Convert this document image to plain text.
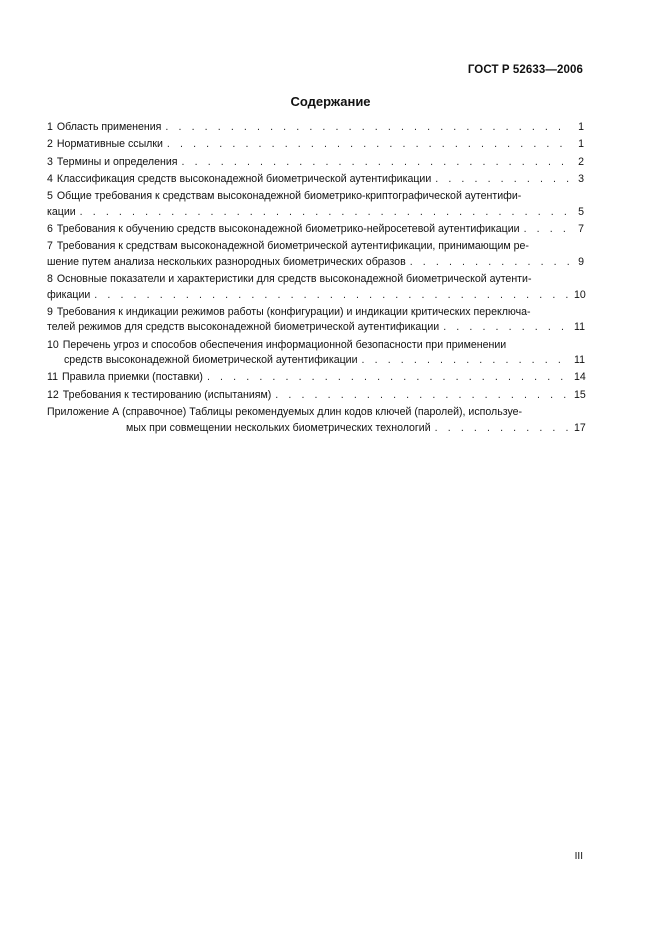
ГОСТ Р 52633—2006
Содержание
1 Область применения . . .	1
2 Нормативные ссылки . . .	1
3 Термины и определения . . .	2
4 Классификация средств высоконадежной биометрической аутентификации . . .	3
5 Общие требования к средствам высоконадежной биометрико-криптографической аутентифи-
кации . . .	5
6 Требования к обучению средств высоконадежной биометрико-нейросетевой аутентификации . . .	7
7 Требования к средствам высоконадежной биометрической аутентификации, принимающим ре-
шение путем анализа нескольких разнородных биометрических образов . . .	9
8 Основные показатели и характеристики для средств высоконадежной биометрической аутенти-
фикации . . .	10
9 Требования к индикации режимов работы (конфигурации) и индикации критических переключа-
телей режимов для средств высоконадежной биометрической аутентификации . . .	11
10 Перечень угроз и способов обеспечения информационной безопасности при применении
средств высоконадежной биометрической аутентификации . . .	11
11 Правила приемки (поставки) . . .	14
12 Требования к тестированию (испытаниям) . . .	15
Приложение А (справочное) Таблицы рекомендуемых длин кодов ключей (паролей), используе-
мых при совмещении нескольких биометрических технологий . . .	17
III
